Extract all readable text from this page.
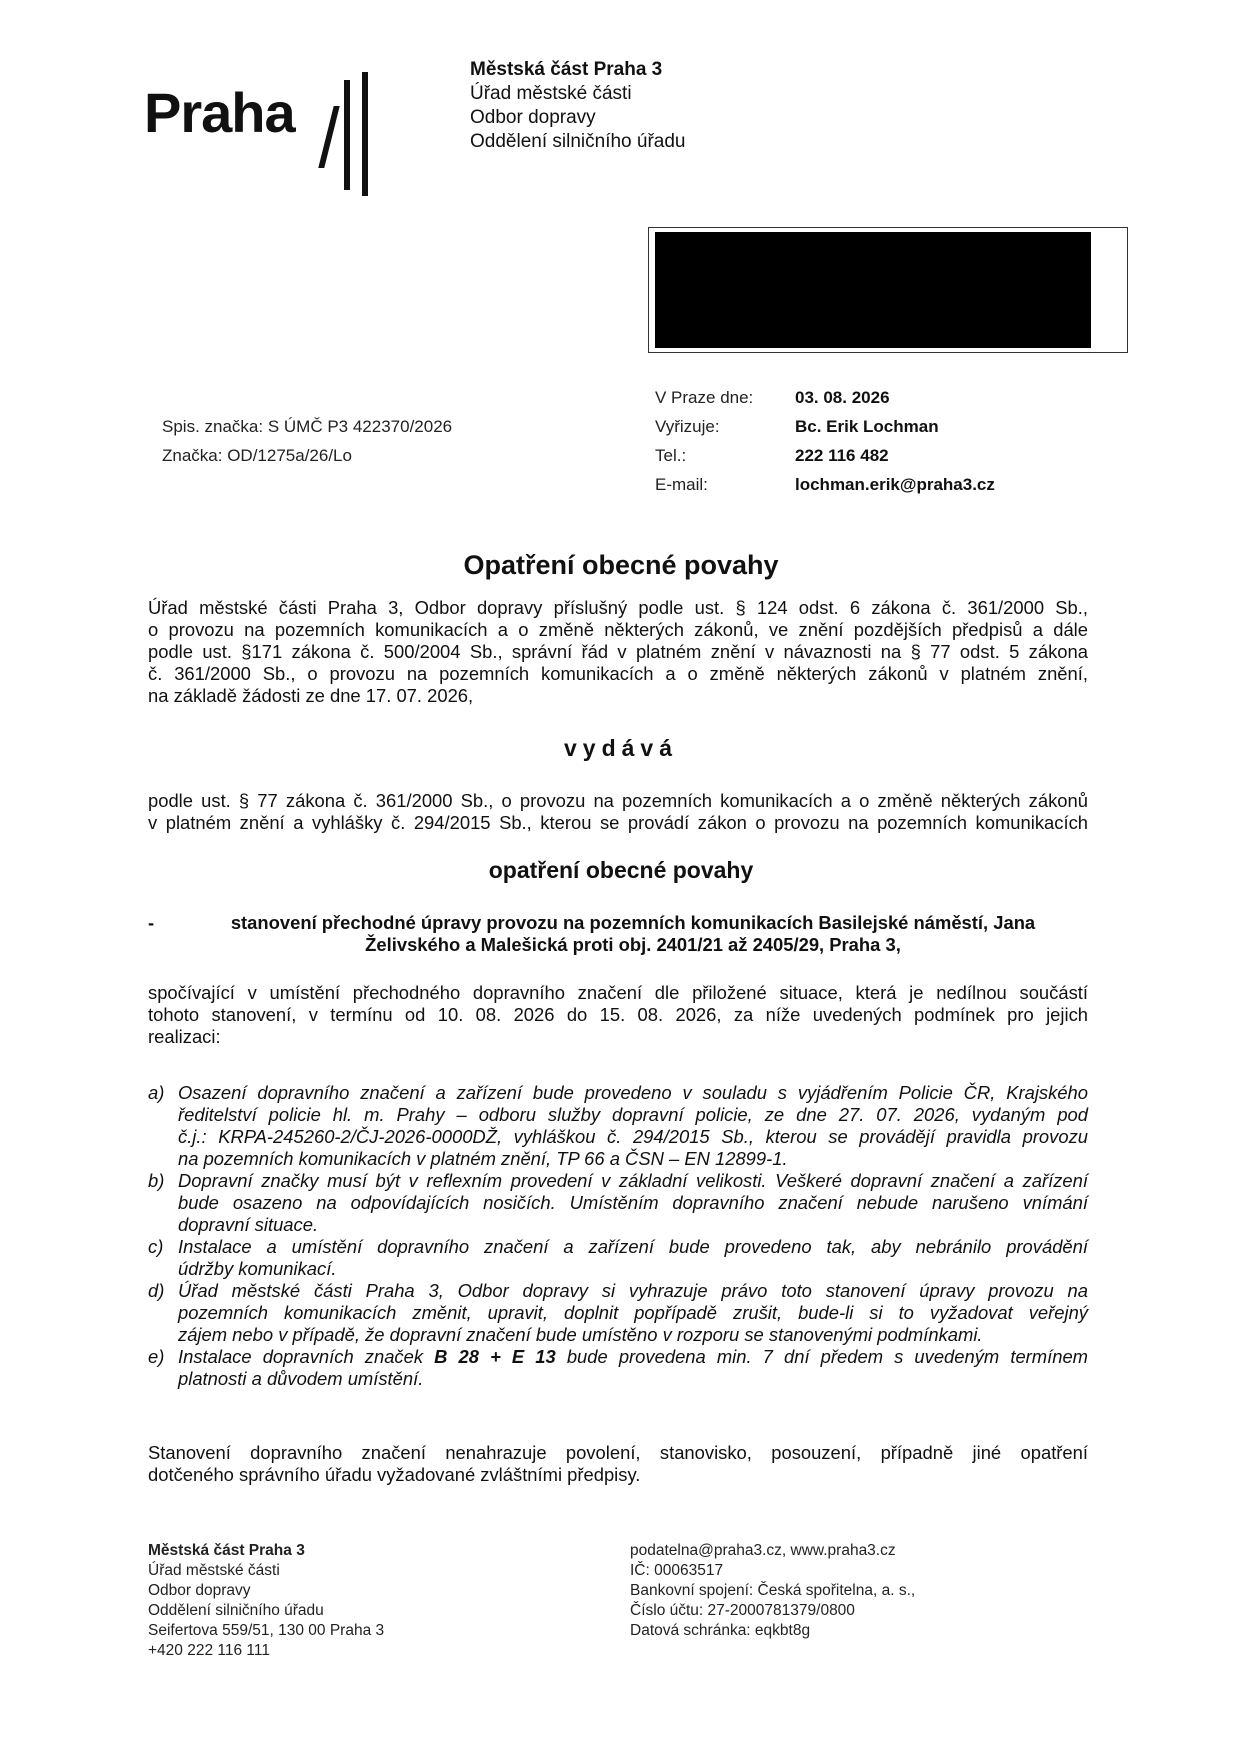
Praha
Městská část Praha 3
Úřad městské části
Odbor dopravy
Oddělení silničního úřadu
Spis. značka: S ÚMČ P3 422370/2026
Značka: OD/1275a/26/Lo
V Praze dne:	03. 08. 2026
Vyřizuje:	Bc. Erik Lochman
Tel.:	222 116 482
E-mail:	lochman.erik@praha3.cz
Opatření obecné povahy
Úřad městské části Praha 3, Odbor dopravy příslušný podle ust. § 124 odst. 6 zákona č. 361/2000 Sb.,
o provozu na pozemních komunikacích a o změně některých zákonů, ve znění pozdějších předpisů a dále
podle ust. §171 zákona č. 500/2004 Sb., správní řád v platném znění v návaznosti na § 77 odst. 5 zákona
č. 361/2000 Sb., o provozu na pozemních komunikacích a o změně některých zákonů v platném znění,
na základě žádosti ze dne 17. 07. 2026,
vydává
podle ust. § 77 zákona č. 361/2000 Sb., o provozu na pozemních komunikacích a o změně některých zákonů
v platném znění a vyhlášky č. 294/2015 Sb., kterou se provádí zákon o provozu na pozemních komunikacích
opatření obecné povahy
-	stanovení přechodné úpravy provozu na pozemních komunikacích Basilejské náměstí, Jana
Želivského a Malešická proti obj. 2401/21 až 2405/29, Praha 3,
spočívající v umístění přechodného dopravního značení dle přiložené situace, která je nedílnou součástí
tohoto stanovení, v termínu od 10. 08. 2026 do 15. 08. 2026, za níže uvedených podmínek pro jejich
realizaci:
a) Osazení dopravního značení a zařízení bude provedeno v souladu s vyjádřením Policie ČR, Krajského
ředitelství policie hl. m. Prahy – odboru služby dopravní policie, ze dne 27. 07. 2026, vydaným pod
č.j.: KRPA-245260-2/ČJ-2026-0000DŽ, vyhláškou č. 294/2015 Sb., kterou se provádějí pravidla provozu
na pozemních komunikacích v platném znění, TP 66 a ČSN – EN 12899-1.
b) Dopravní značky musí být v reflexním provedení v základní velikosti. Veškeré dopravní značení a zařízení
bude osazeno na odpovídajících nosičích. Umístěním dopravního značení nebude narušeno vnímání
dopravní situace.
c) Instalace a umístění dopravního značení a zařízení bude provedeno tak, aby nebránilo provádění
údržby komunikací.
d) Úřad městské části Praha 3, Odbor dopravy si vyhrazuje právo toto stanovení úpravy provozu na
pozemních komunikacích změnit, upravit, doplnit popřípadě zrušit, bude-li si to vyžadovat veřejný
zájem nebo v případě, že dopravní značení bude umístěno v rozporu se stanovenými podmínkami.
e) Instalace dopravních značek B 28 + E 13 bude provedena min. 7 dní předem s uvedeným termínem
platnosti a důvodem umístění.
Stanovení dopravního značení nenahrazuje povolení, stanovisko, posouzení, případně jiné opatření
dotčeného správního úřadu vyžadované zvláštními předpisy.
Městská část Praha 3
Úřad městské části
Odbor dopravy
Oddělení silničního úřadu
Seifertova 559/51, 130 00 Praha 3
+420 222 116 111
podatelna@praha3.cz, www.praha3.cz
IČ: 00063517
Bankovní spojení: Česká spořitelna, a. s.,
Číslo účtu: 27-2000781379/0800
Datová schránka: eqkbt8g
